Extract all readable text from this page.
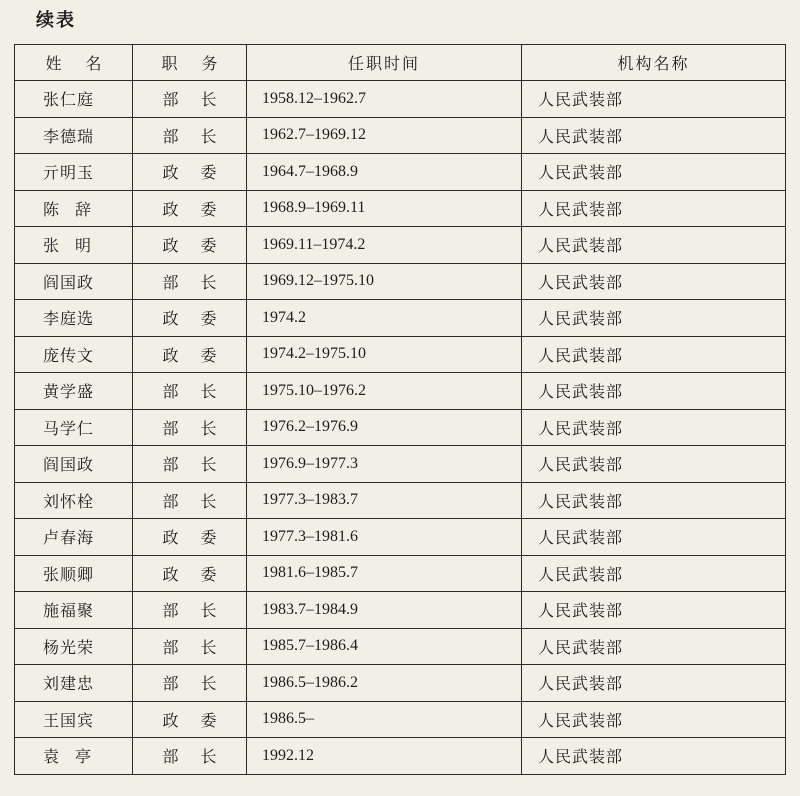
续表
姓名	职务	任职时间	机构名称
张仁庭	部长	1958.12–1962.7	人民武装部
李德瑞	部长	1962.7–1969.12	人民武装部
亓明玉	政委	1964.7–1968.9	人民武装部
陈辞	政委	1968.9–1969.11	人民武装部
张明	政委	1969.11–1974.2	人民武装部
阎国政	部长	1969.12–1975.10	人民武装部
李庭选	政委	1974.2	人民武装部
庞传文	政委	1974.2–1975.10	人民武装部
黄学盛	部长	1975.10–1976.2	人民武装部
马学仁	部长	1976.2–1976.9	人民武装部
阎国政	部长	1976.9–1977.3	人民武装部
刘怀栓	部长	1977.3–1983.7	人民武装部
卢春海	政委	1977.3–1981.6	人民武装部
张顺卿	政委	1981.6–1985.7	人民武装部
施福聚	部长	1983.7–1984.9	人民武装部
杨光荣	部长	1985.7–1986.4	人民武装部
刘建忠	部长	1986.5–1986.2	人民武装部
王国宾	政委	1986.5–	人民武装部
袁亭	部长	1992.12	人民武装部
